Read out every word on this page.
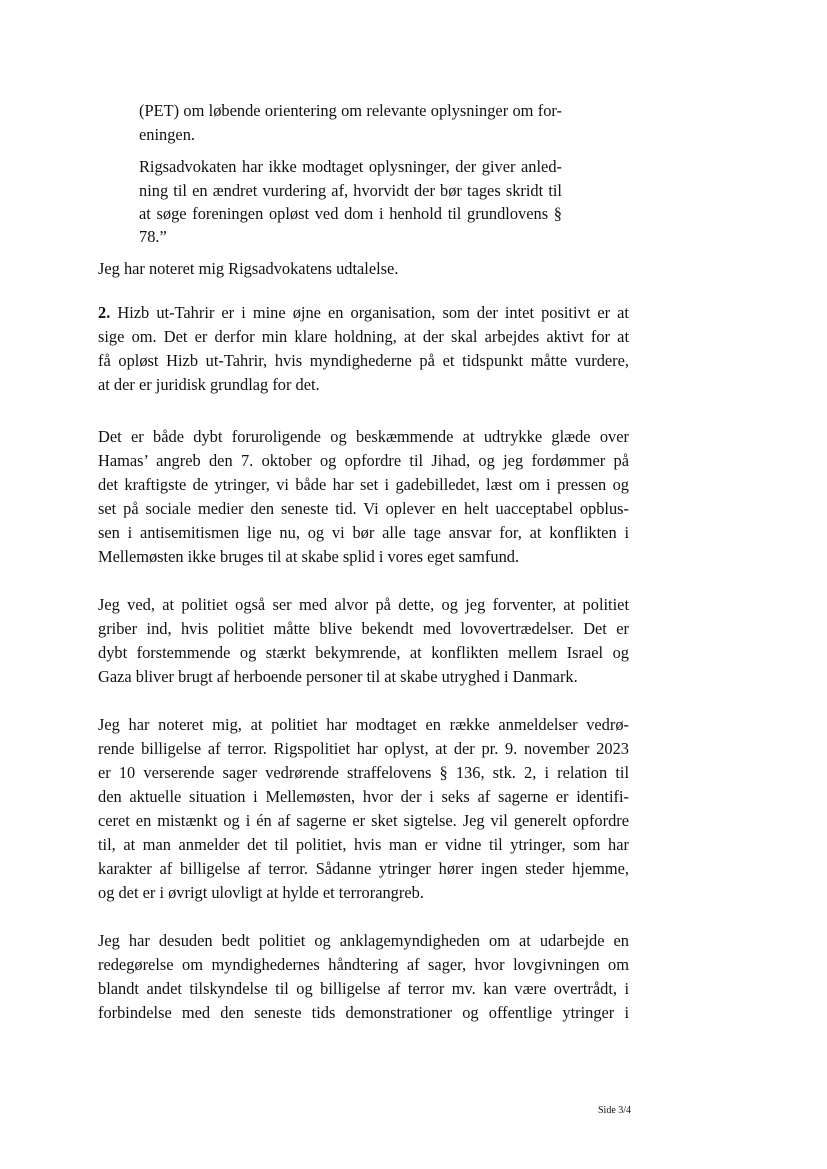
(PET) om løbende orientering om relevante oplysninger om for-
eningen.
Rigsadvokaten har ikke modtaget oplysninger, der giver anled-
ning til en ændret vurdering af, hvorvidt der bør tages skridt til
at søge foreningen opløst ved dom i henhold til grundlovens §
78.”
Jeg har noteret mig Rigsadvokatens udtalelse.
2. Hizb ut-Tahrir er i mine øjne en organisation, som der intet positivt er at
sige om. Det er derfor min klare holdning, at der skal arbejdes aktivt for at
få opløst Hizb ut-Tahrir, hvis myndighederne på et tidspunkt måtte vurdere,
at der er juridisk grundlag for det.
Det er både dybt foruroligende og beskæmmende at udtrykke glæde over
Hamas’ angreb den 7. oktober og opfordre til Jihad, og jeg fordømmer på
det kraftigste de ytringer, vi både har set i gadebilledet, læst om i pressen og
set på sociale medier den seneste tid. Vi oplever en helt uacceptabel opblus-
sen i antisemitismen lige nu, og vi bør alle tage ansvar for, at konflikten i
Mellemøsten ikke bruges til at skabe splid i vores eget samfund.
Jeg ved, at politiet også ser med alvor på dette, og jeg forventer, at politiet
griber ind, hvis politiet måtte blive bekendt med lovovertrædelser. Det er
dybt forstemmende og stærkt bekymrende, at konflikten mellem Israel og
Gaza bliver brugt af herboende personer til at skabe utryghed i Danmark.
Jeg har noteret mig, at politiet har modtaget en række anmeldelser vedrø-
rende billigelse af terror. Rigspolitiet har oplyst, at der pr. 9. november 2023
er 10 verserende sager vedrørende straffelovens § 136, stk. 2, i relation til
den aktuelle situation i Mellemøsten, hvor der i seks af sagerne er identifi-
ceret en mistænkt og i én af sagerne er sket sigtelse. Jeg vil generelt opfordre
til, at man anmelder det til politiet, hvis man er vidne til ytringer, som har
karakter af billigelse af terror. Sådanne ytringer hører ingen steder hjemme,
og det er i øvrigt ulovligt at hylde et terrorangreb.
Jeg har desuden bedt politiet og anklagemyndigheden om at udarbejde en
redegørelse om myndighedernes håndtering af sager, hvor lovgivningen om
blandt andet tilskyndelse til og billigelse af terror mv. kan være overtrådt, i
forbindelse med den seneste tids demonstrationer og offentlige ytringer i
Side 3/4
